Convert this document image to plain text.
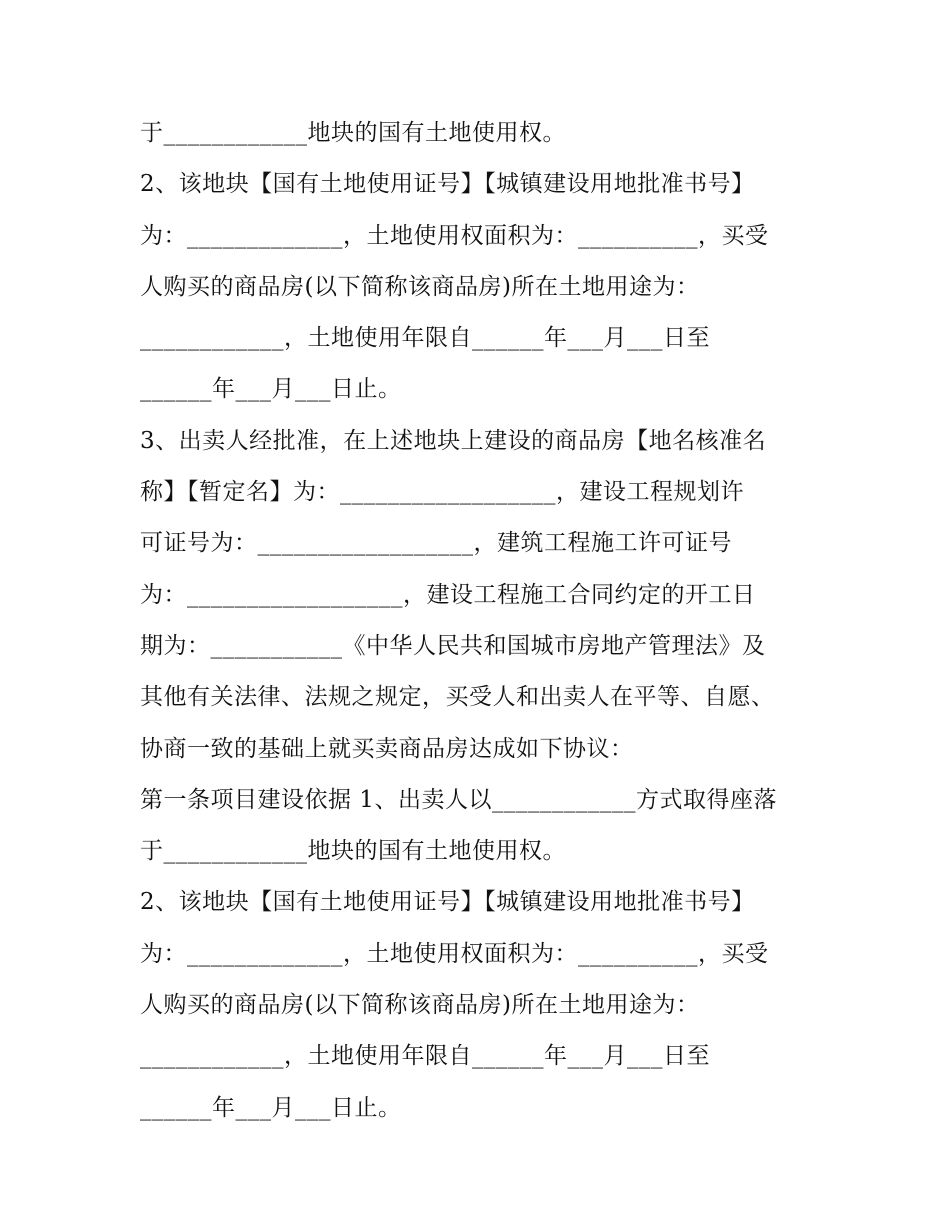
于____________地块的国有土地使用权。
2、该地块【国有土地使用证号】【城镇建设用地批准书号】
为：_____________，土地使用权面积为：__________，买受
人购买的商品房(以下简称该商品房)所在土地用途为：
____________，土地使用年限自______年___月___日至
______年___月___日止。
3、出卖人经批准，在上述地块上建设的商品房【地名核准名
称】【暂定名】为：__________________，建设工程规划许
可证号为：__________________，建筑工程施工许可证号
为：__________________，建设工程施工合同约定的开工日
期为：___________《中华人民共和国城市房地产管理法》及
其他有关法律、法规之规定，买受人和出卖人在平等、自愿、
协商一致的基础上就买卖商品房达成如下协议：
第一条项目建设依据 1、出卖人以____________方式取得座落
于____________地块的国有土地使用权。
2、该地块【国有土地使用证号】【城镇建设用地批准书号】
为：_____________，土地使用权面积为：__________，买受
人购买的商品房(以下简称该商品房)所在土地用途为：
____________，土地使用年限自______年___月___日至
______年___月___日止。
